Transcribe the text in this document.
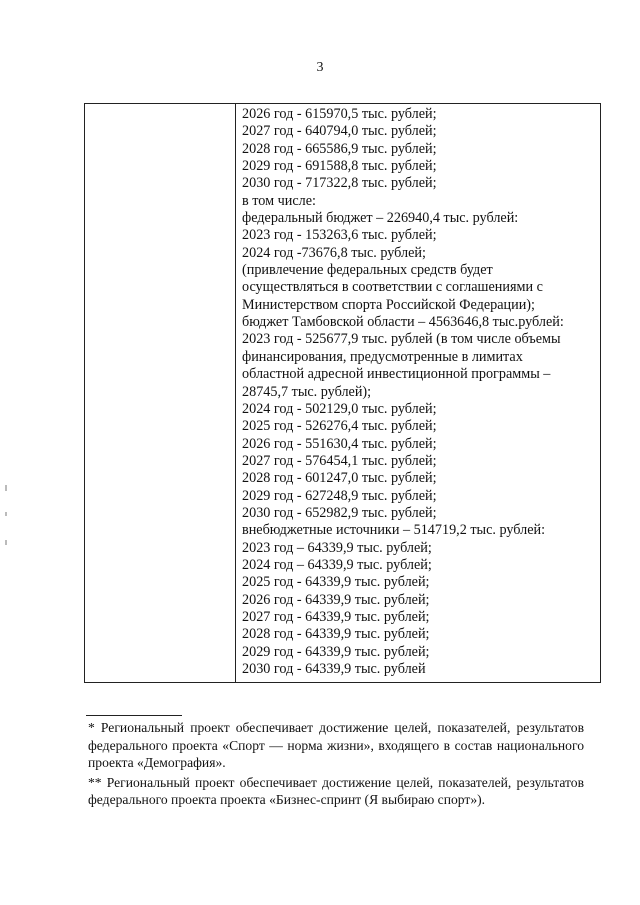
3
2026 год - 615970,5 тыс. рублей;
2027 год - 640794,0 тыс. рублей;
2028 год - 665586,9 тыс. рублей;
2029 год - 691588,8 тыс. рублей;
2030 год - 717322,8 тыс. рублей;
в том числе:
федеральный бюджет – 226940,4 тыс. рублей:
2023 год - 153263,6 тыс. рублей;
2024 год -73676,8 тыс. рублей;
(привлечение федеральных средств будет
осуществляться в соответствии с соглашениями с
Министерством спорта Российской Федерации);
бюджет Тамбовской области – 4563646,8 тыс.рублей:
2023 год - 525677,9 тыс. рублей (в том числе объемы
финансирования, предусмотренные в лимитах
областной адресной инвестиционной программы –
28745,7 тыс. рублей);
2024 год - 502129,0 тыс. рублей;
2025 год - 526276,4 тыс. рублей;
2026 год - 551630,4 тыс. рублей;
2027 год - 576454,1 тыс. рублей;
2028 год - 601247,0 тыс. рублей;
2029 год - 627248,9 тыс. рублей;
2030 год - 652982,9 тыс. рублей;
внебюджетные источники – 514719,2 тыс. рублей:
2023 год – 64339,9 тыс. рублей;
2024 год – 64339,9 тыс. рублей;
2025 год - 64339,9 тыс. рублей;
2026 год - 64339,9 тыс. рублей;
2027 год - 64339,9 тыс. рублей;
2028 год - 64339,9 тыс. рублей;
2029 год - 64339,9 тыс. рублей;
2030 год - 64339,9 тыс. рублей

* Региональный проект обеспечивает достижение целей, показателей, результатов федерального проекта «Спорт — норма жизни», входящего в состав национального проекта «Демография».

** Региональный проект обеспечивает достижение целей, показателей, результатов федерального проекта проекта «Бизнес-спринт (Я выбираю спорт»).
